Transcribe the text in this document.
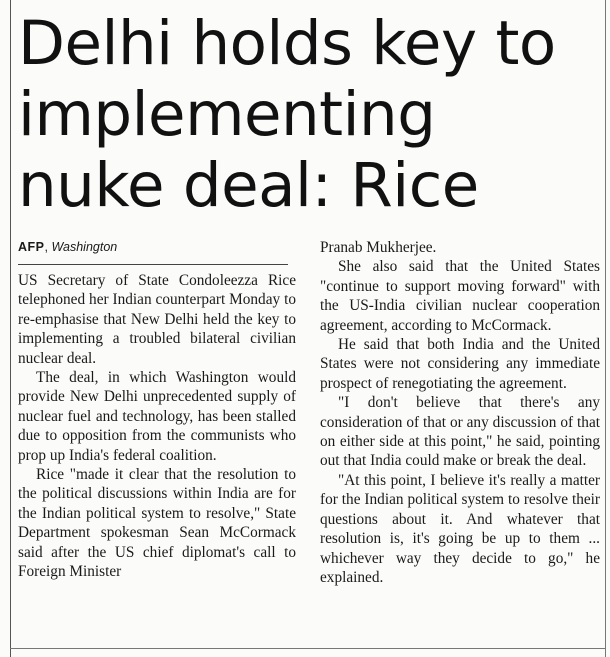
Delhi holds key to implementing nuke deal: Rice
AFP, Washington

US Secretary of State Condoleezza Rice telephoned her Indian counterpart Monday to re-emphasise that New Delhi held the key to implementing a troubled bilateral civilian nuclear deal.

The deal, in which Washington would provide New Delhi unprecedented supply of nuclear fuel and technology, has been stalled due to opposition from the communists who prop up India's federal coalition.

Rice "made it clear that the resolution to the political discussions within India are for the Indian political system to resolve," State Department spokesman Sean McCormack said after the US chief diplomat's call to Foreign Minister

Pranab Mukherjee.

She also said that the United States "continue to support moving forward" with the US-India civilian nuclear cooperation agreement, according to McCormack.

He said that both India and the United States were not considering any immediate prospect of renegotiating the agreement.

"I don't believe that there's any consideration of that or any discussion of that on either side at this point," he said, pointing out that India could make or break the deal.

"At this point, I believe it's really a matter for the Indian political system to resolve their questions about it. And whatever that resolution is, it's going be up to them ... whichever way they decide to go," he explained.
